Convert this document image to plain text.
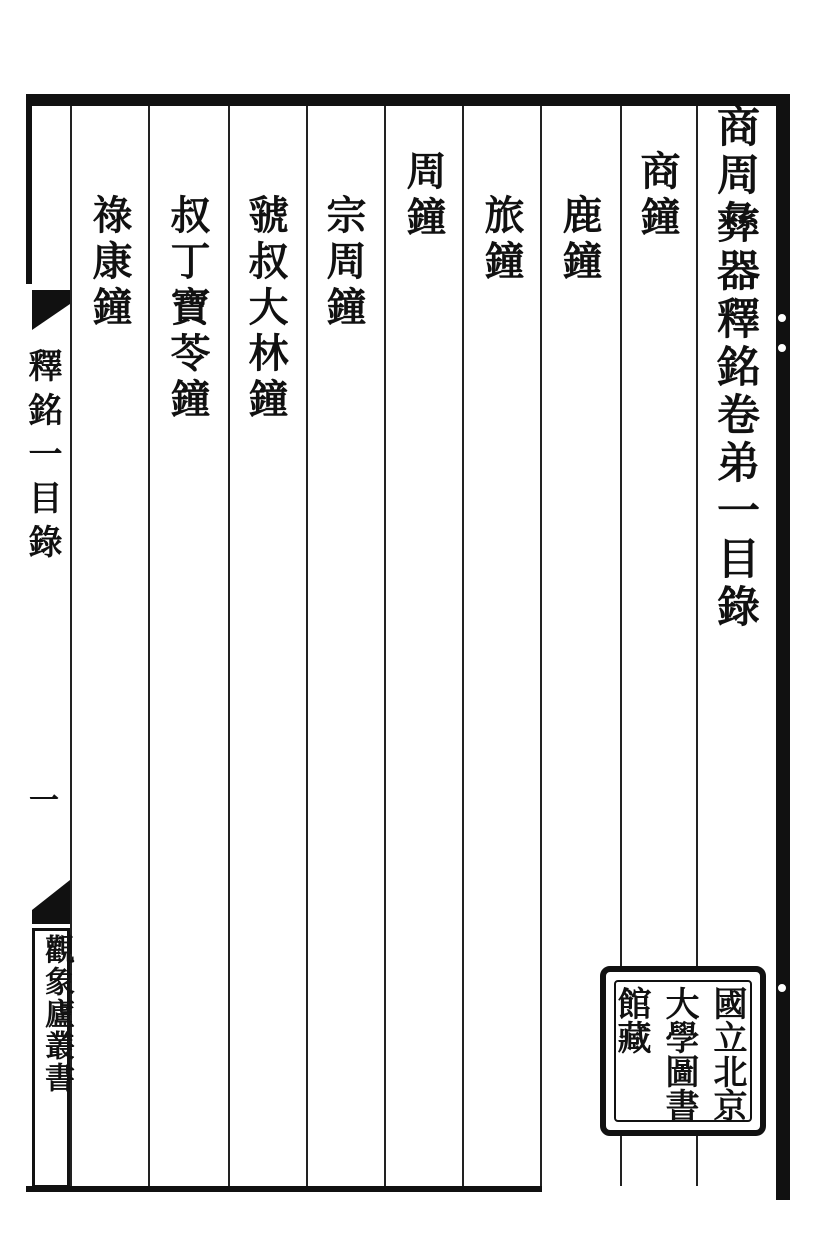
商周彝器釋銘卷弟一目錄
商鐘
鹿鐘
旅鐘
周鐘
宗周鐘
虢叔大林鐘
叔丁寶苓鐘
祿康鐘
釋銘一目錄
一
觀象廬叢書	國立北京
大學圖書
館藏
